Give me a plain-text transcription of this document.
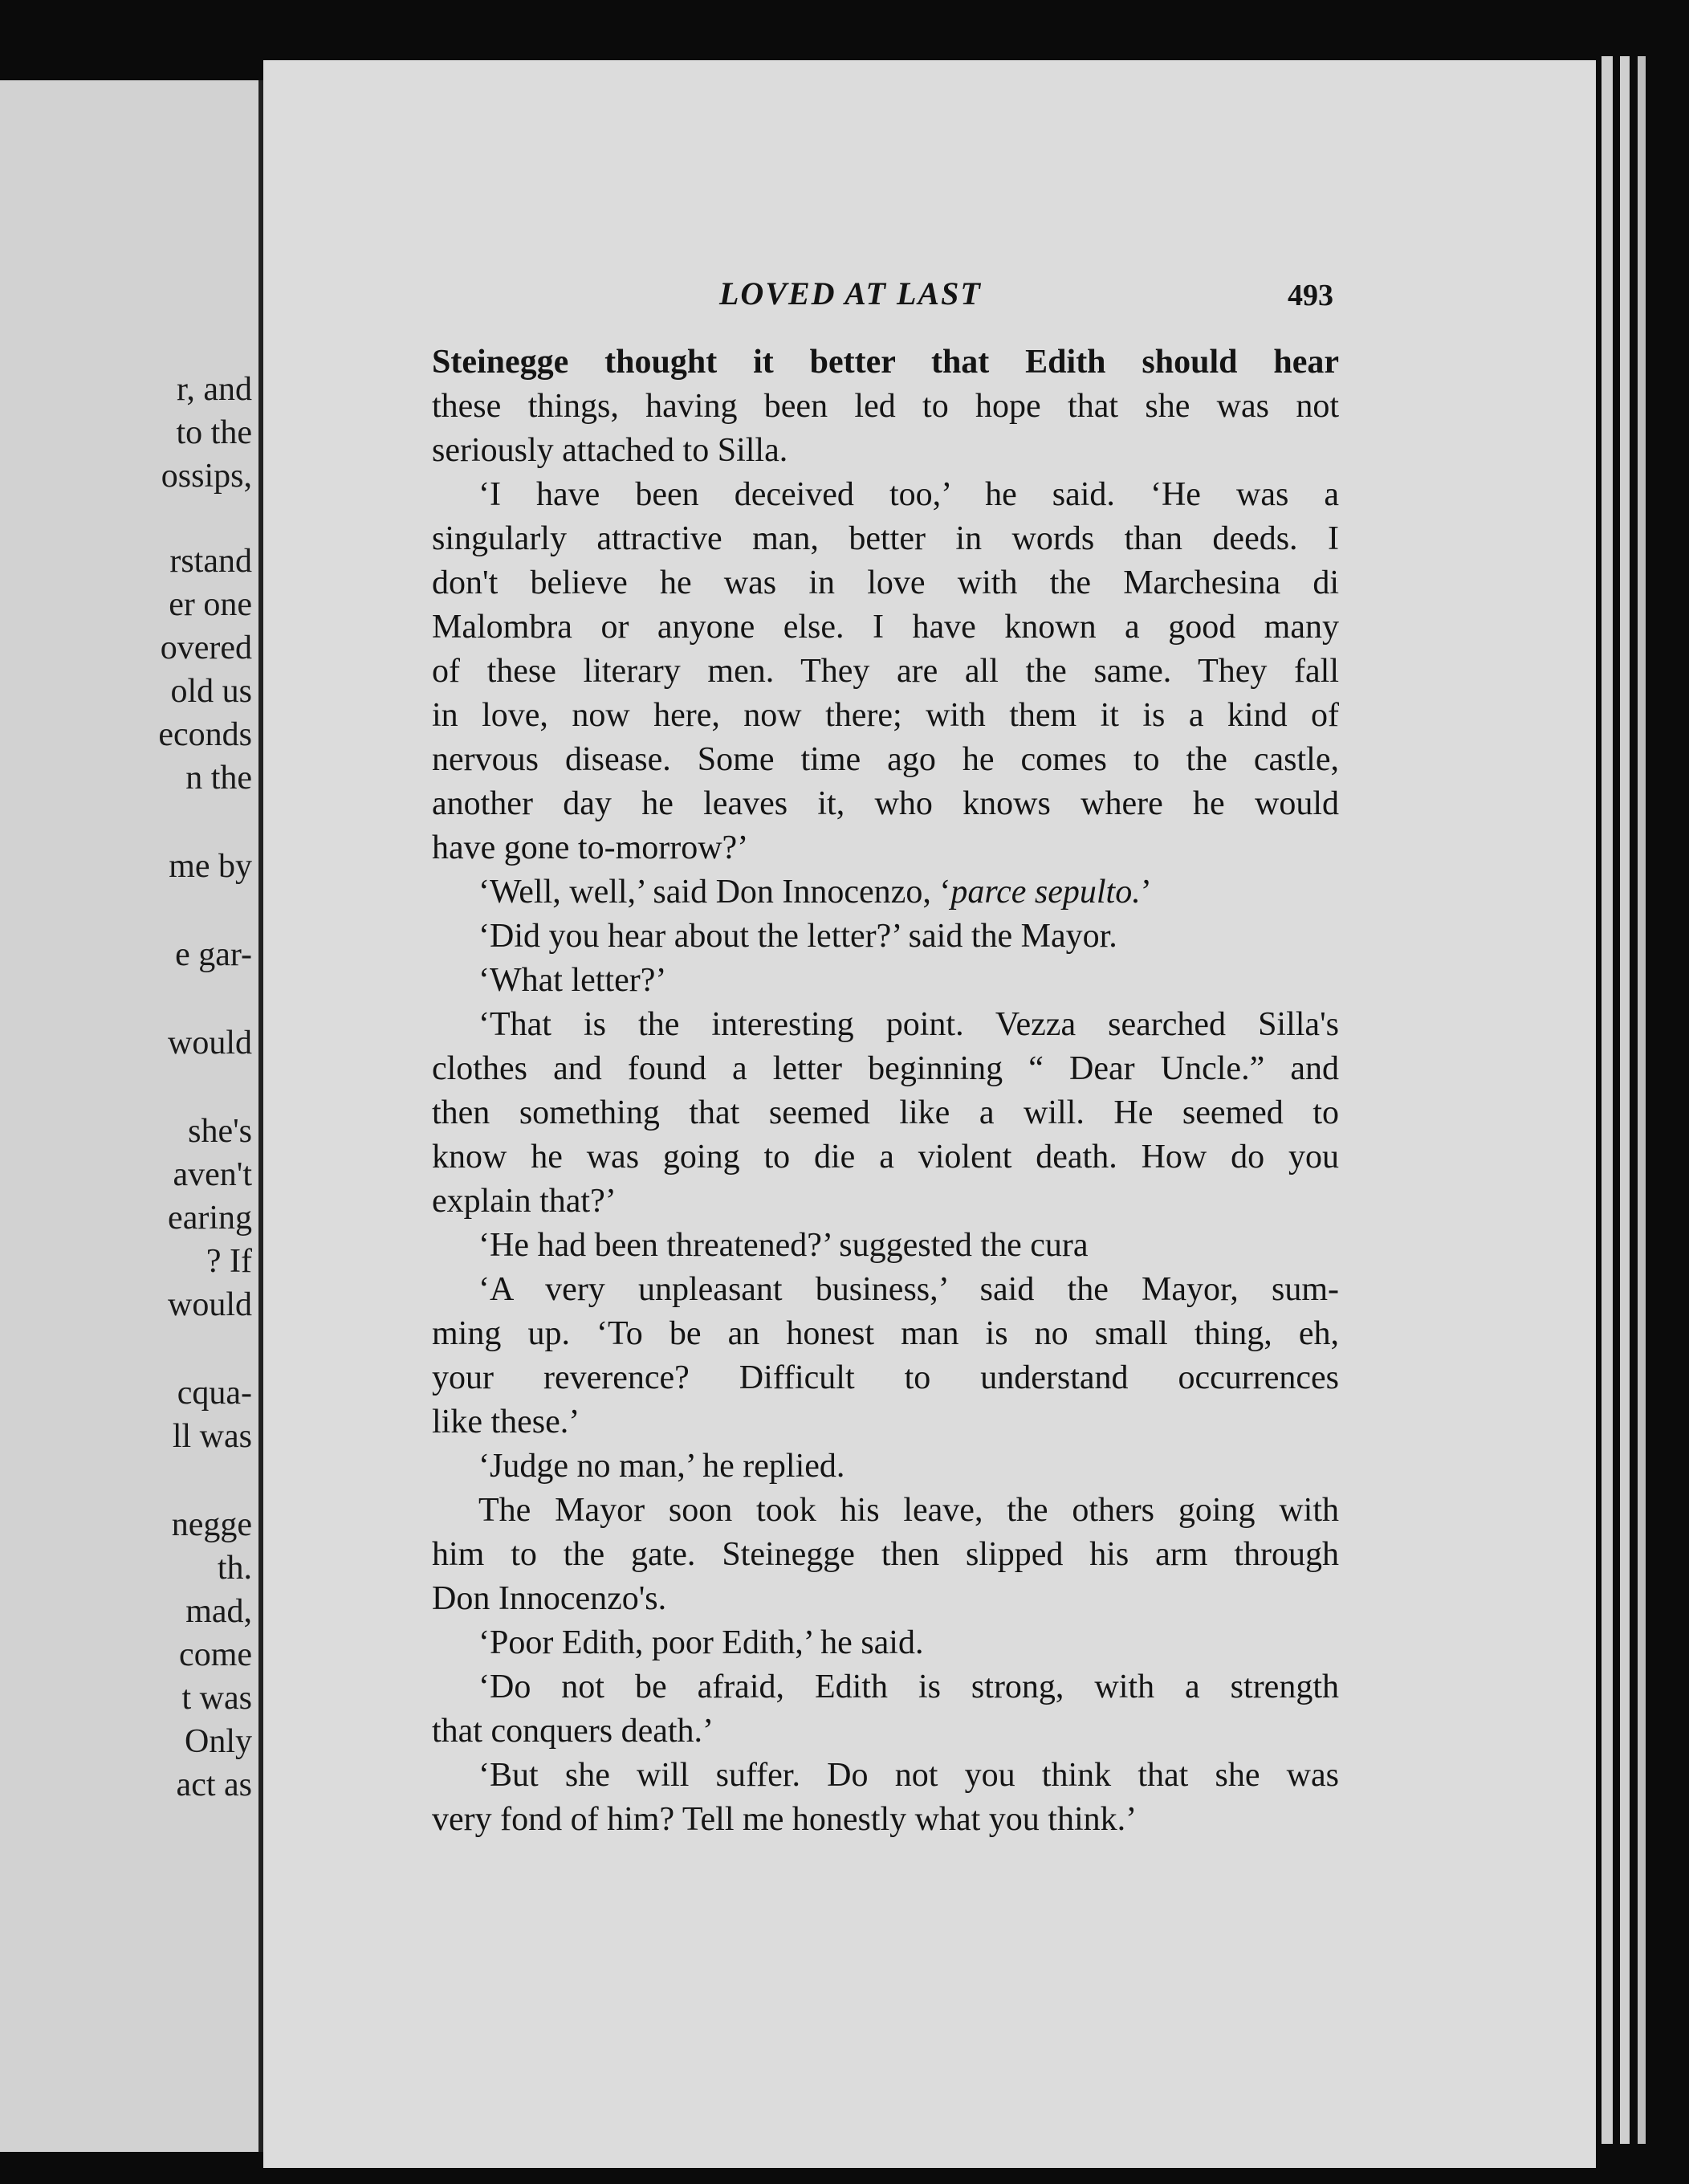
r, and
to the
ossips,
rstand
er one
overed
old us
econds
n the
me by
e gar-
would
she's
aven't
earing
? If
would
cqua-
ll was
negge
th.
mad,
come
t was
Only
act as
LOVED AT LAST	493
Steinegge thought it better that Edith should hear
these things, having been led to hope that she was not
seriously attached to Silla.
‘I have been deceived too,’ he said. ‘He was a
singularly attractive man, better in words than deeds. I
don't believe he was in love with the Marchesina di
Malombra or anyone else. I have known a good many
of these literary men. They are all the same. They fall
in love, now here, now there; with them it is a kind of
nervous disease. Some time ago he comes to the castle,
another day he leaves it, who knows where he would
have gone to-morrow?’
‘Well, well,’ said Don Innocenzo, ‘parce sepulto.’
‘Did you hear about the letter?’ said the Mayor.
‘What letter?’
‘That is the interesting point. Vezza searched Silla's
clothes and found a letter beginning “ Dear Uncle.” and
then something that seemed like a will. He seemed to
know he was going to die a violent death. How do you
explain that?’
‘He had been threatened?’ suggested the cura
‘A very unpleasant business,’ said the Mayor, sum-
ming up. ‘To be an honest man is no small thing, eh,
your reverence? Difficult to understand occurrences
like these.’
‘Judge no man,’ he replied.
The Mayor soon took his leave, the others going with
him to the gate. Steinegge then slipped his arm through
Don Innocenzo's.
‘Poor Edith, poor Edith,’ he said.
‘Do not be afraid, Edith is strong, with a strength
that conquers death.’
‘But she will suffer. Do not you think that she was
very fond of him? Tell me honestly what you think.’
